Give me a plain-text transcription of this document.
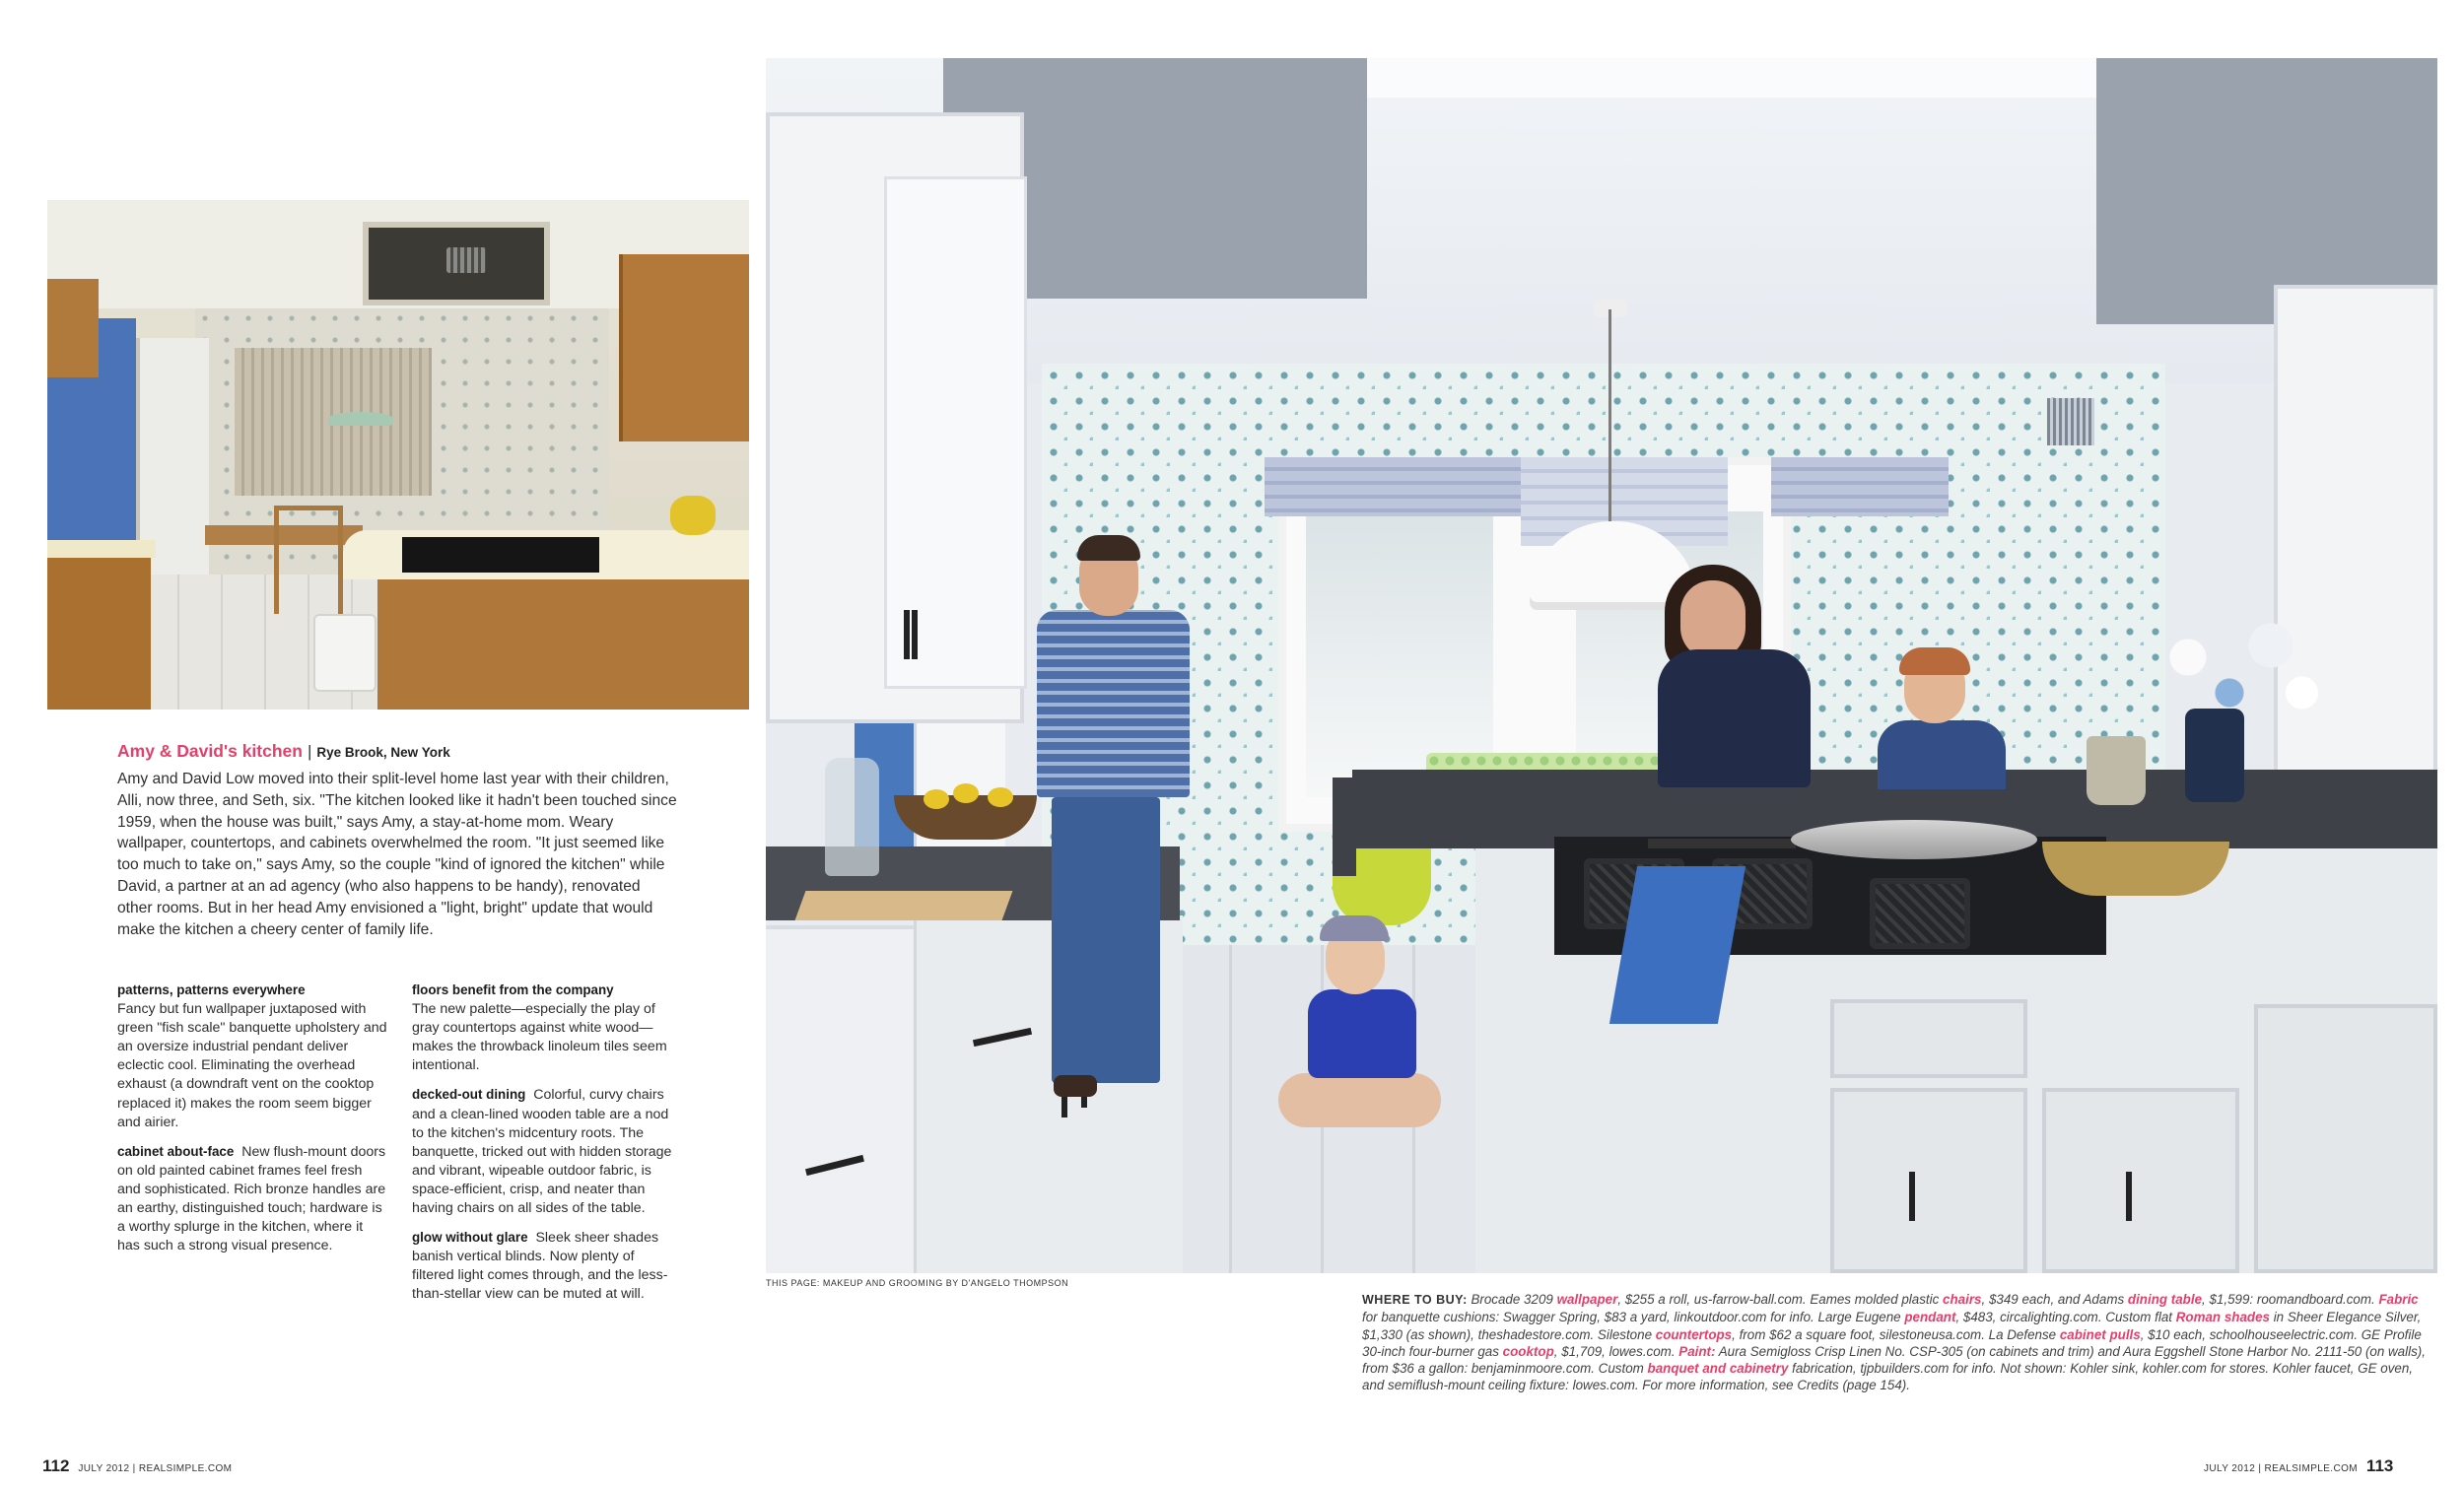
Amy & David's kitchen | Rye Brook, New York

Amy and David Low moved into their split-level home last year with their children, Alli, now three, and Seth, six. "The kitchen looked like it hadn't been touched since 1959, when the house was built," says Amy, a stay-at-home mom. Weary wallpaper, countertops, and cabinets overwhelmed the room. "It just seemed like too much to take on," says Amy, so the couple "kind of ignored the kitchen" while David, a partner at an ad agency (who also happens to be handy), renovated other rooms. But in her head Amy envisioned a "light, bright" update that would make the kitchen a cheery center of family life.

patterns, patterns everywhere
Fancy but fun wallpaper juxtaposed with green "fish scale" banquette upholstery and an oversize industrial pendant deliver eclectic cool. Eliminating the overhead exhaust (a downdraft vent on the cooktop replaced it) makes the room seem bigger and airier.

cabinet about-face New flush-mount doors on old painted cabinet frames feel fresh and sophisticated. Rich bronze handles are an earthy, distinguished touch; hardware is a worthy splurge in the kitchen, where it has such a strong visual presence.

floors benefit from the company
The new palette—especially the play of gray countertops against white wood—makes the throwback linoleum tiles seem intentional.

decked-out dining Colorful, curvy chairs and a clean-lined wooden table are a nod to the kitchen's midcentury roots. The banquette, tricked out with hidden storage and vibrant, wipeable outdoor fabric, is space-efficient, crisp, and neater than having chairs on all sides of the table.

glow without glare Sleek sheer shades banish vertical blinds. Now plenty of filtered light comes through, and the less-than-stellar view can be muted at will.

THIS PAGE: MAKEUP AND GROOMING BY D'ANGELO THOMPSON

WHERE TO BUY: Brocade 3209 wallpaper, $255 a roll, us-farrow-ball.com. Eames molded plastic chairs, $349 each, and Adams dining table, $1,599: roomandboard.com. Fabric for banquette cushions: Swagger Spring, $83 a yard, linkoutdoor.com for info. Large Eugene pendant, $483, circalighting.com. Custom flat Roman shades in Sheer Elegance Silver, $1,330 (as shown), theshadestore.com. Silestone countertops, from $62 a square foot, silestoneusa.com. La Defense cabinet pulls, $10 each, schoolhouseelectric.com. GE Profile 30-inch four-burner gas cooktop, $1,709, lowes.com. Paint: Aura Semigloss Crisp Linen No. CSP-305 (on cabinets and trim) and Aura Eggshell Stone Harbor No. 2111-50 (on walls), from $36 a gallon: benjaminmoore.com. Custom banquet and cabinetry fabrication, tjpbuilders.com for info. Not shown: Kohler sink, kohler.com for stores. Kohler faucet, GE oven, and semiflush-mount ceiling fixture: lowes.com. For more information, see Credits (page 154).

112 JULY 2012 | REALSIMPLE.COM	JULY 2012 | REALSIMPLE.COM 113
